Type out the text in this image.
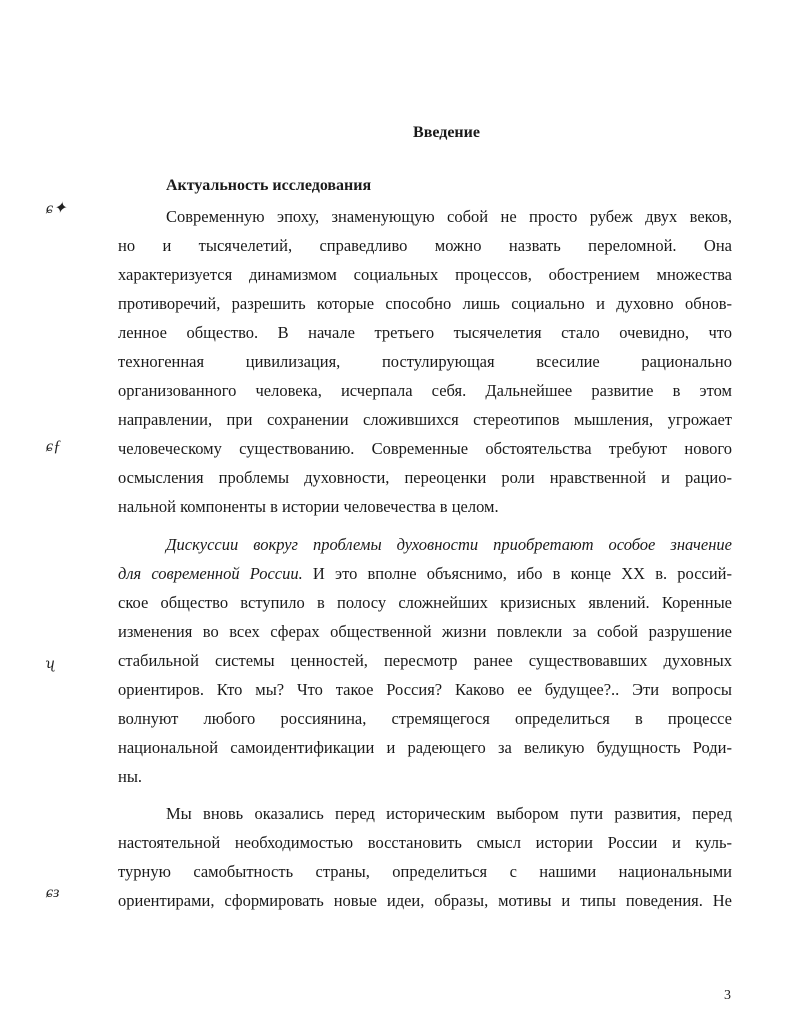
Введение
Актуальность исследования
ɕ✦
ɕƒ
ʯ
ɕɜ
Современную эпоху, знаменующую собой не просто рубеж двух веков,
но и тысячелетий, справедливо можно назвать переломной. Она
характеризуется динамизмом социальных процессов, обострением множества
противоречий, разрешить которые способно лишь социально и духовно обнов-
ленное общество. В начале третьего тысячелетия стало очевидно, что
техногенная цивилизация, постулирующая всесилие рационально
организованного человека, исчерпала себя. Дальнейшее развитие в этом
направлении, при сохранении сложившихся стереотипов мышления, угрожает
человеческому существованию. Современные обстоятельства требуют нового
осмысления проблемы духовности, переоценки роли нравственной и рацио-
нальной компоненты в истории человечества в целом.
Дискуссии вокруг проблемы духовности приобретают особое значение
для современной России. И это вполне объяснимо, ибо в конце XX в. россий-
ское общество вступило в полосу сложнейших кризисных явлений. Коренные
изменения во всех сферах общественной жизни повлекли за собой разрушение
стабильной системы ценностей, пересмотр ранее существовавших духовных
ориентиров. Кто мы? Что такое Россия? Каково ее будущее?.. Эти вопросы
волнуют любого россиянина, стремящегося определиться в процессе
национальной самоидентификации и радеющего за великую будущность Роди-
ны.
Мы вновь оказались перед историческим выбором пути развития, перед
настоятельной необходимостью восстановить смысл истории России и куль-
турную самобытность страны, определиться с нашими национальными
ориентирами, сформировать новые идеи, образы, мотивы и типы поведения. Не
3
